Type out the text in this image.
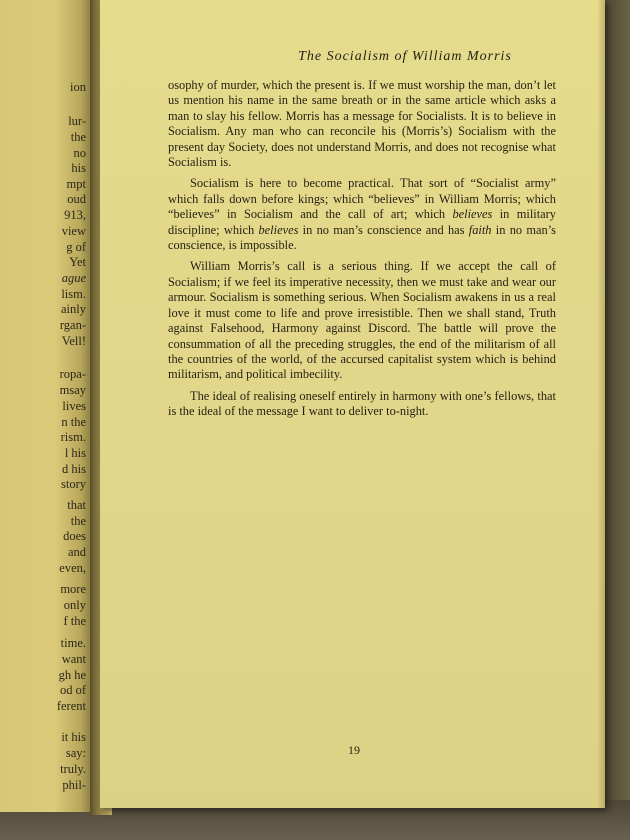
ion
lur-
the
no
his
mpt
oud
913,
view
g of
Yet
ague
lism.
ainly
rgan-
Vell!
ropa-
msay
lives
n the
rism.
l his
d his
story
that
the
does
and
even,
more
only
f the
time.
want
gh he
od of
ferent
it his
say:
truly.
phil-
The Socialism of William Morris

osophy of murder, which the present is. If we must worship the man, don’t let us mention his name in the same breath or in the same article which asks a man to slay his fellow. Morris has a message for Socialists. It is to believe in Socialism. Any man who can reconcile his (Morris’s) Socialism with the present day Society, does not understand Morris, and does not recognise what Socialism is.

Socialism is here to become practical. That sort of “Socialist army” which falls down before kings; which “believes” in William Morris; which “believes” in Socialism and the call of art; which believes in military discipline; which believes in no man’s conscience and has faith in no man’s conscience, is impossible.

William Morris’s call is a serious thing. If we accept the call of Socialism; if we feel its imperative necessity, then we must take and wear our armour. Socialism is something serious. When Socialism awakens in us a real love it must come to life and prove irresistible. Then we shall stand, Truth against Falsehood, Harmony against Discord. The battle will prove the consummation of all the preceding struggles, the end of the militarism of all the countries of the world, of the accursed capitalist system which is behind militarism, and political imbecility.

The ideal of realising oneself entirely in harmony with one’s fellows, that is the ideal of the message I want to deliver to-night.

19
